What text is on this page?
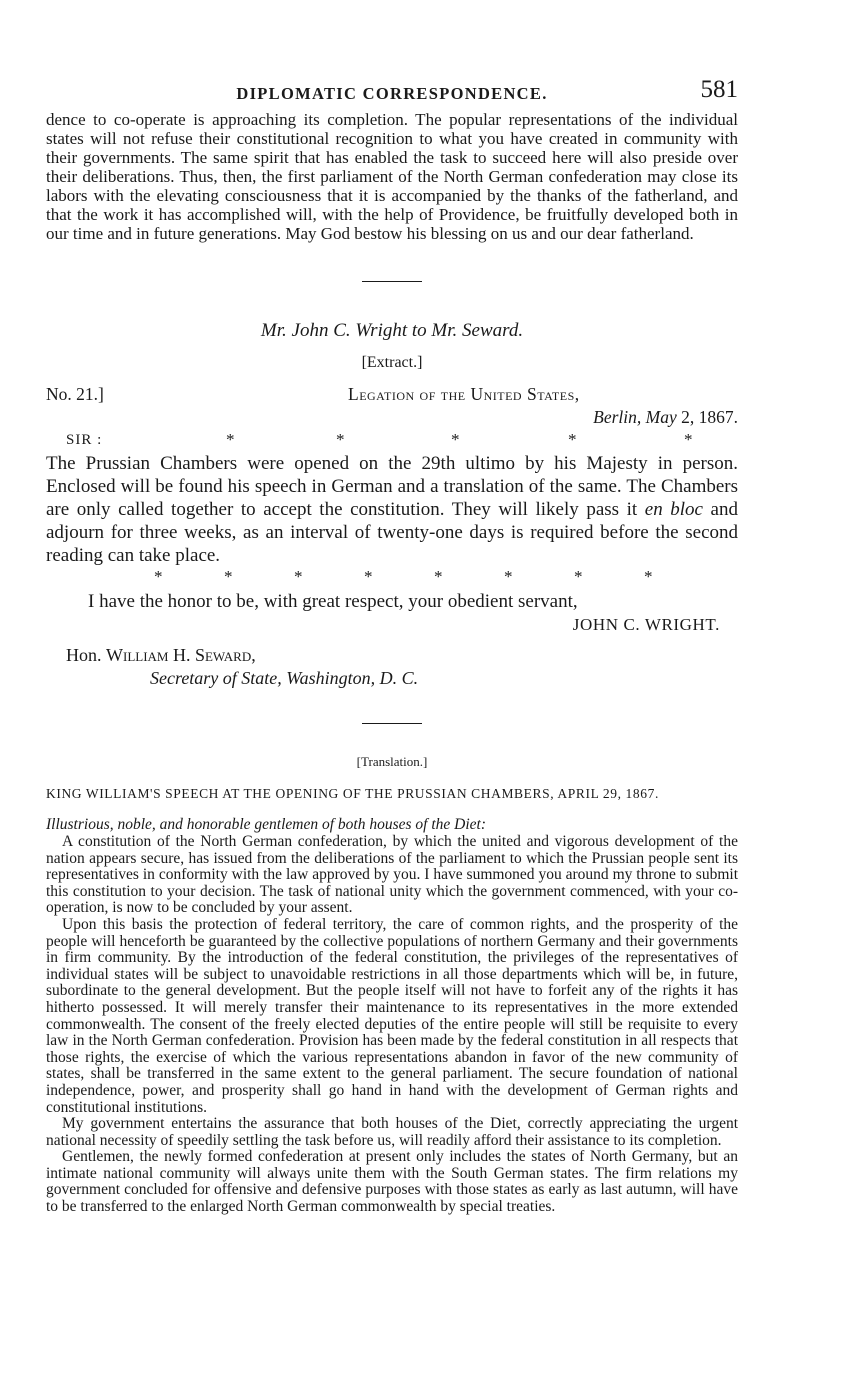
DIPLOMATIC CORRESPONDENCE.	581

dence to co-operate is approaching its completion. The popular representations of the individual states will not refuse their constitutional recognition to what you have created in community with their governments. The same spirit that has enabled the task to succeed here will also preside over their deliberations. Thus, then, the first parliament of the North German confederation may close its labors with the elevating consciousness that it is accompanied by the thanks of the fatherland, and that the work it has accomplished will, with the help of Providence, be fruitfully developed both in our time and in future generations. May God bestow his blessing on us and our dear fatherland.

Mr. John C. Wright to Mr. Seward.
[Extract.]
No. 21.]	Legation of the United States,
Berlin, May 2, 1867.
SIR :	*	*	*	*	*

The Prussian Chambers were opened on the 29th ultimo by his Majesty in person. Enclosed will be found his speech in German and a translation of the same. The Chambers are only called together to accept the constitution. They will likely pass it en bloc and adjourn for three weeks, as an interval of twenty-one days is required before the second reading can take place.

*	*	*	*	*	*	*	*
I have the honor to be, with great respect, your obedient servant,
JOHN C. WRIGHT.
Hon. William H. Seward,
Secretary of State, Washington, D. C.
[Translation.]
KING WILLIAM'S SPEECH AT THE OPENING OF THE PRUSSIAN CHAMBERS, APRIL 29, 1867.
Illustrious, noble, and honorable gentlemen of both houses of the Diet:

A constitution of the North German confederation, by which the united and vigorous development of the nation appears secure, has issued from the deliberations of the parliament to which the Prussian people sent its representatives in conformity with the law approved by you. I have summoned you around my throne to submit this constitution to your decision. The task of national unity which the government commenced, with your co-operation, is now to be concluded by your assent.

Upon this basis the protection of federal territory, the care of common rights, and the prosperity of the people will henceforth be guaranteed by the collective populations of northern Germany and their governments in firm community. By the introduction of the federal constitution, the privileges of the representatives of individual states will be subject to unavoidable restrictions in all those departments which will be, in future, subordinate to the general development. But the people itself will not have to forfeit any of the rights it has hitherto possessed. It will merely transfer their maintenance to its representatives in the more extended commonwealth. The consent of the freely elected deputies of the entire people will still be requisite to every law in the North German confederation. Provision has been made by the federal constitution in all respects that those rights, the exercise of which the various representations abandon in favor of the new community of states, shall be transferred in the same extent to the general parliament. The secure foundation of national independence, power, and prosperity shall go hand in hand with the development of German rights and constitutional institutions.

My government entertains the assurance that both houses of the Diet, correctly appreciating the urgent national necessity of speedily settling the task before us, will readily afford their assistance to its completion.

Gentlemen, the newly formed confederation at present only includes the states of North Germany, but an intimate national community will always unite them with the South German states. The firm relations my government concluded for offensive and defensive purposes with those states as early as last autumn, will have to be transferred to the enlarged North German commonwealth by special treaties.
